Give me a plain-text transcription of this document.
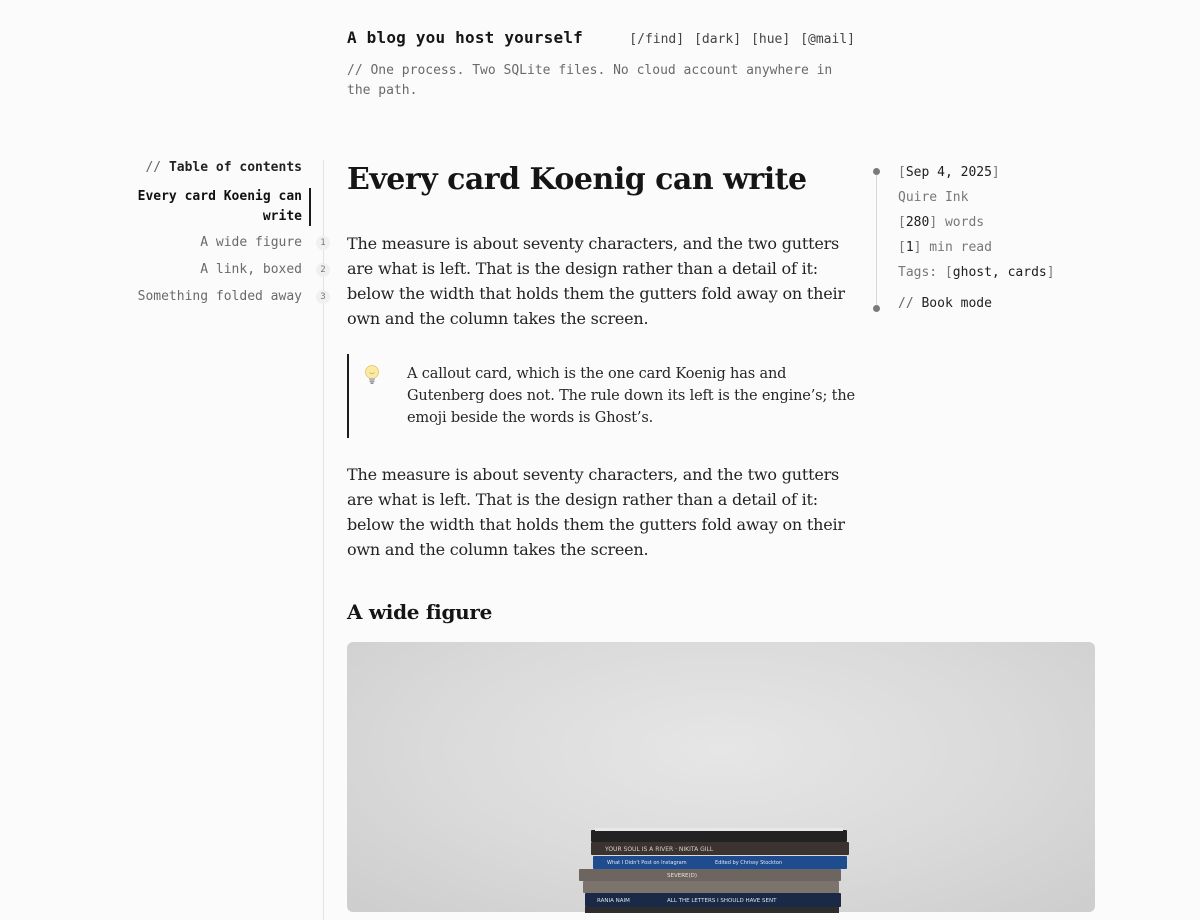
A blog you host yourself	[/find] [dark] [hue] [@mail]

// One process. Two SQLite files. No cloud account anywhere in the path.

// Table of contents
Every card Koenig can write
A wide figure	1
A link, boxed	2
Something folded away	3
Every card Koenig can write

The measure is about seventy characters, and the two gutters are what is left. That is the design rather than a detail of it: below the width that holds them the gutters fold away on their own and the column takes the screen.

A callout card, which is the one card Koenig has and Gutenberg does not. The rule down its left is the engine’s; the emoji beside the words is Ghost’s.

The measure is about seventy characters, and the two gutters are what is left. That is the design rather than a detail of it: below the width that holds them the gutters fold away on their own and the column takes the screen.

A wide figure
[Sep 4, 2025]
Quire Ink
[280] words
[1] min read
Tags: [ghost, cards]
// Book mode
YOUR SOUL IS A RIVER · NIKITA GILL
What I Didn't Post on Instagram	Edited by Chrissy Stockton
SEVERE(D)
RANIA NAIM	ALL THE LETTERS I SHOULD HAVE SENT
